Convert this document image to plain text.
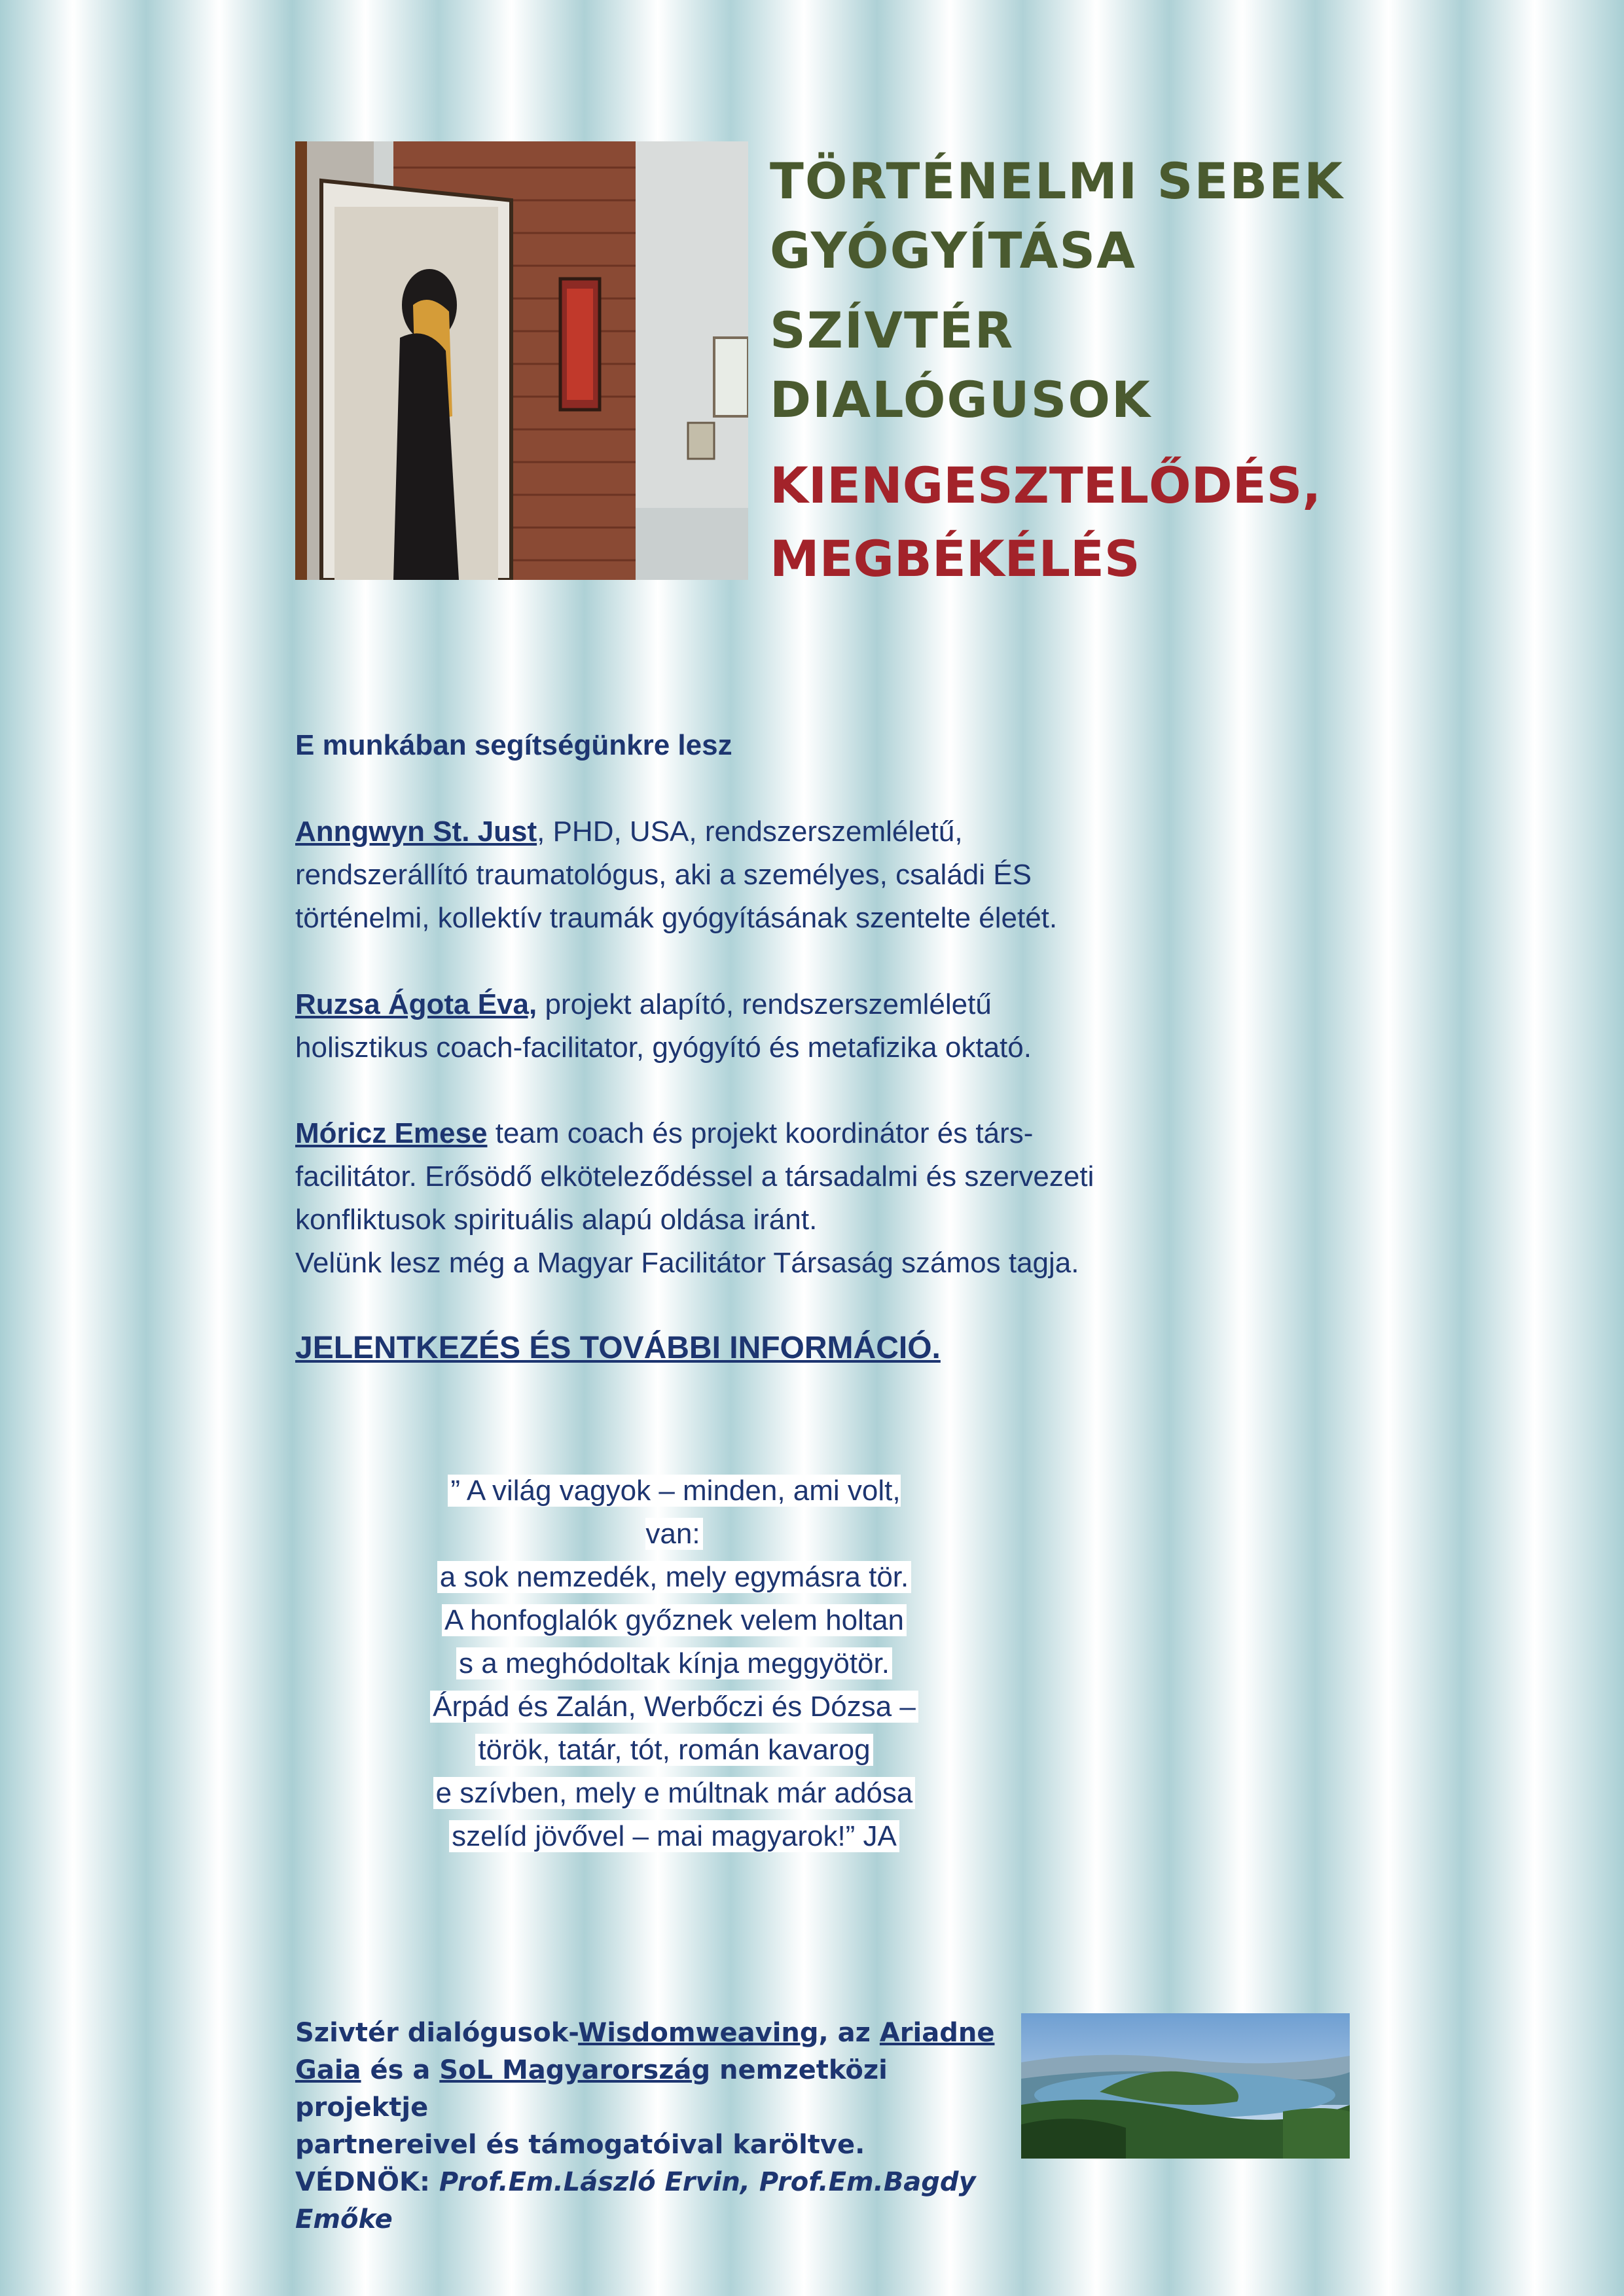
TÖRTÉNELMI SEBEK
GYÓGYÍTÁSA
SZÍVTÉR
DIALÓGUSOK
KIENGESZTELŐDÉS,
MEGBÉKÉLÉS
E munkában segítségünkre lesz
Anngwyn St. Just, PHD, USA, rendszerszemléletű,
rendszerállító traumatológus, aki a személyes, családi ÉS
történelmi, kollektív traumák gyógyításának szentelte életét.
Ruzsa Ágota Éva, projekt alapító, rendszerszemléletű
holisztikus coach-facilitator, gyógyító és metafizika oktató.
Móricz Emese team coach és projekt koordinátor és társ-
facilitátor. Erősödő elköteleződéssel a társadalmi és szervezeti
konfliktusok spirituális alapú oldása iránt.
Velünk lesz még a Magyar Facilitátor Társaság számos tagja.
JELENTKEZÉS ÉS TOVÁBBI INFORMÁCIÓ.
” A világ vagyok – minden, ami volt, van:
a sok nemzedék, mely egymásra tör.
A honfoglalók győznek velem holtan
s a meghódoltak kínja meggyötör.
Árpád és Zalán, Werbőczi és Dózsa –
török, tatár, tót, román kavarog
e szívben, mely e múltnak már adósa
szelíd jövővel – mai magyarok!” JA
Szivtér dialógusok-Wisdomweaving, az Ariadne
Gaia és a SoL Magyarország nemzetközi projektje
partnereivel és támogatóival karöltve.
VÉDNÖK: Prof.Em.László Ervin, Prof.Em.Bagdy Emőke
